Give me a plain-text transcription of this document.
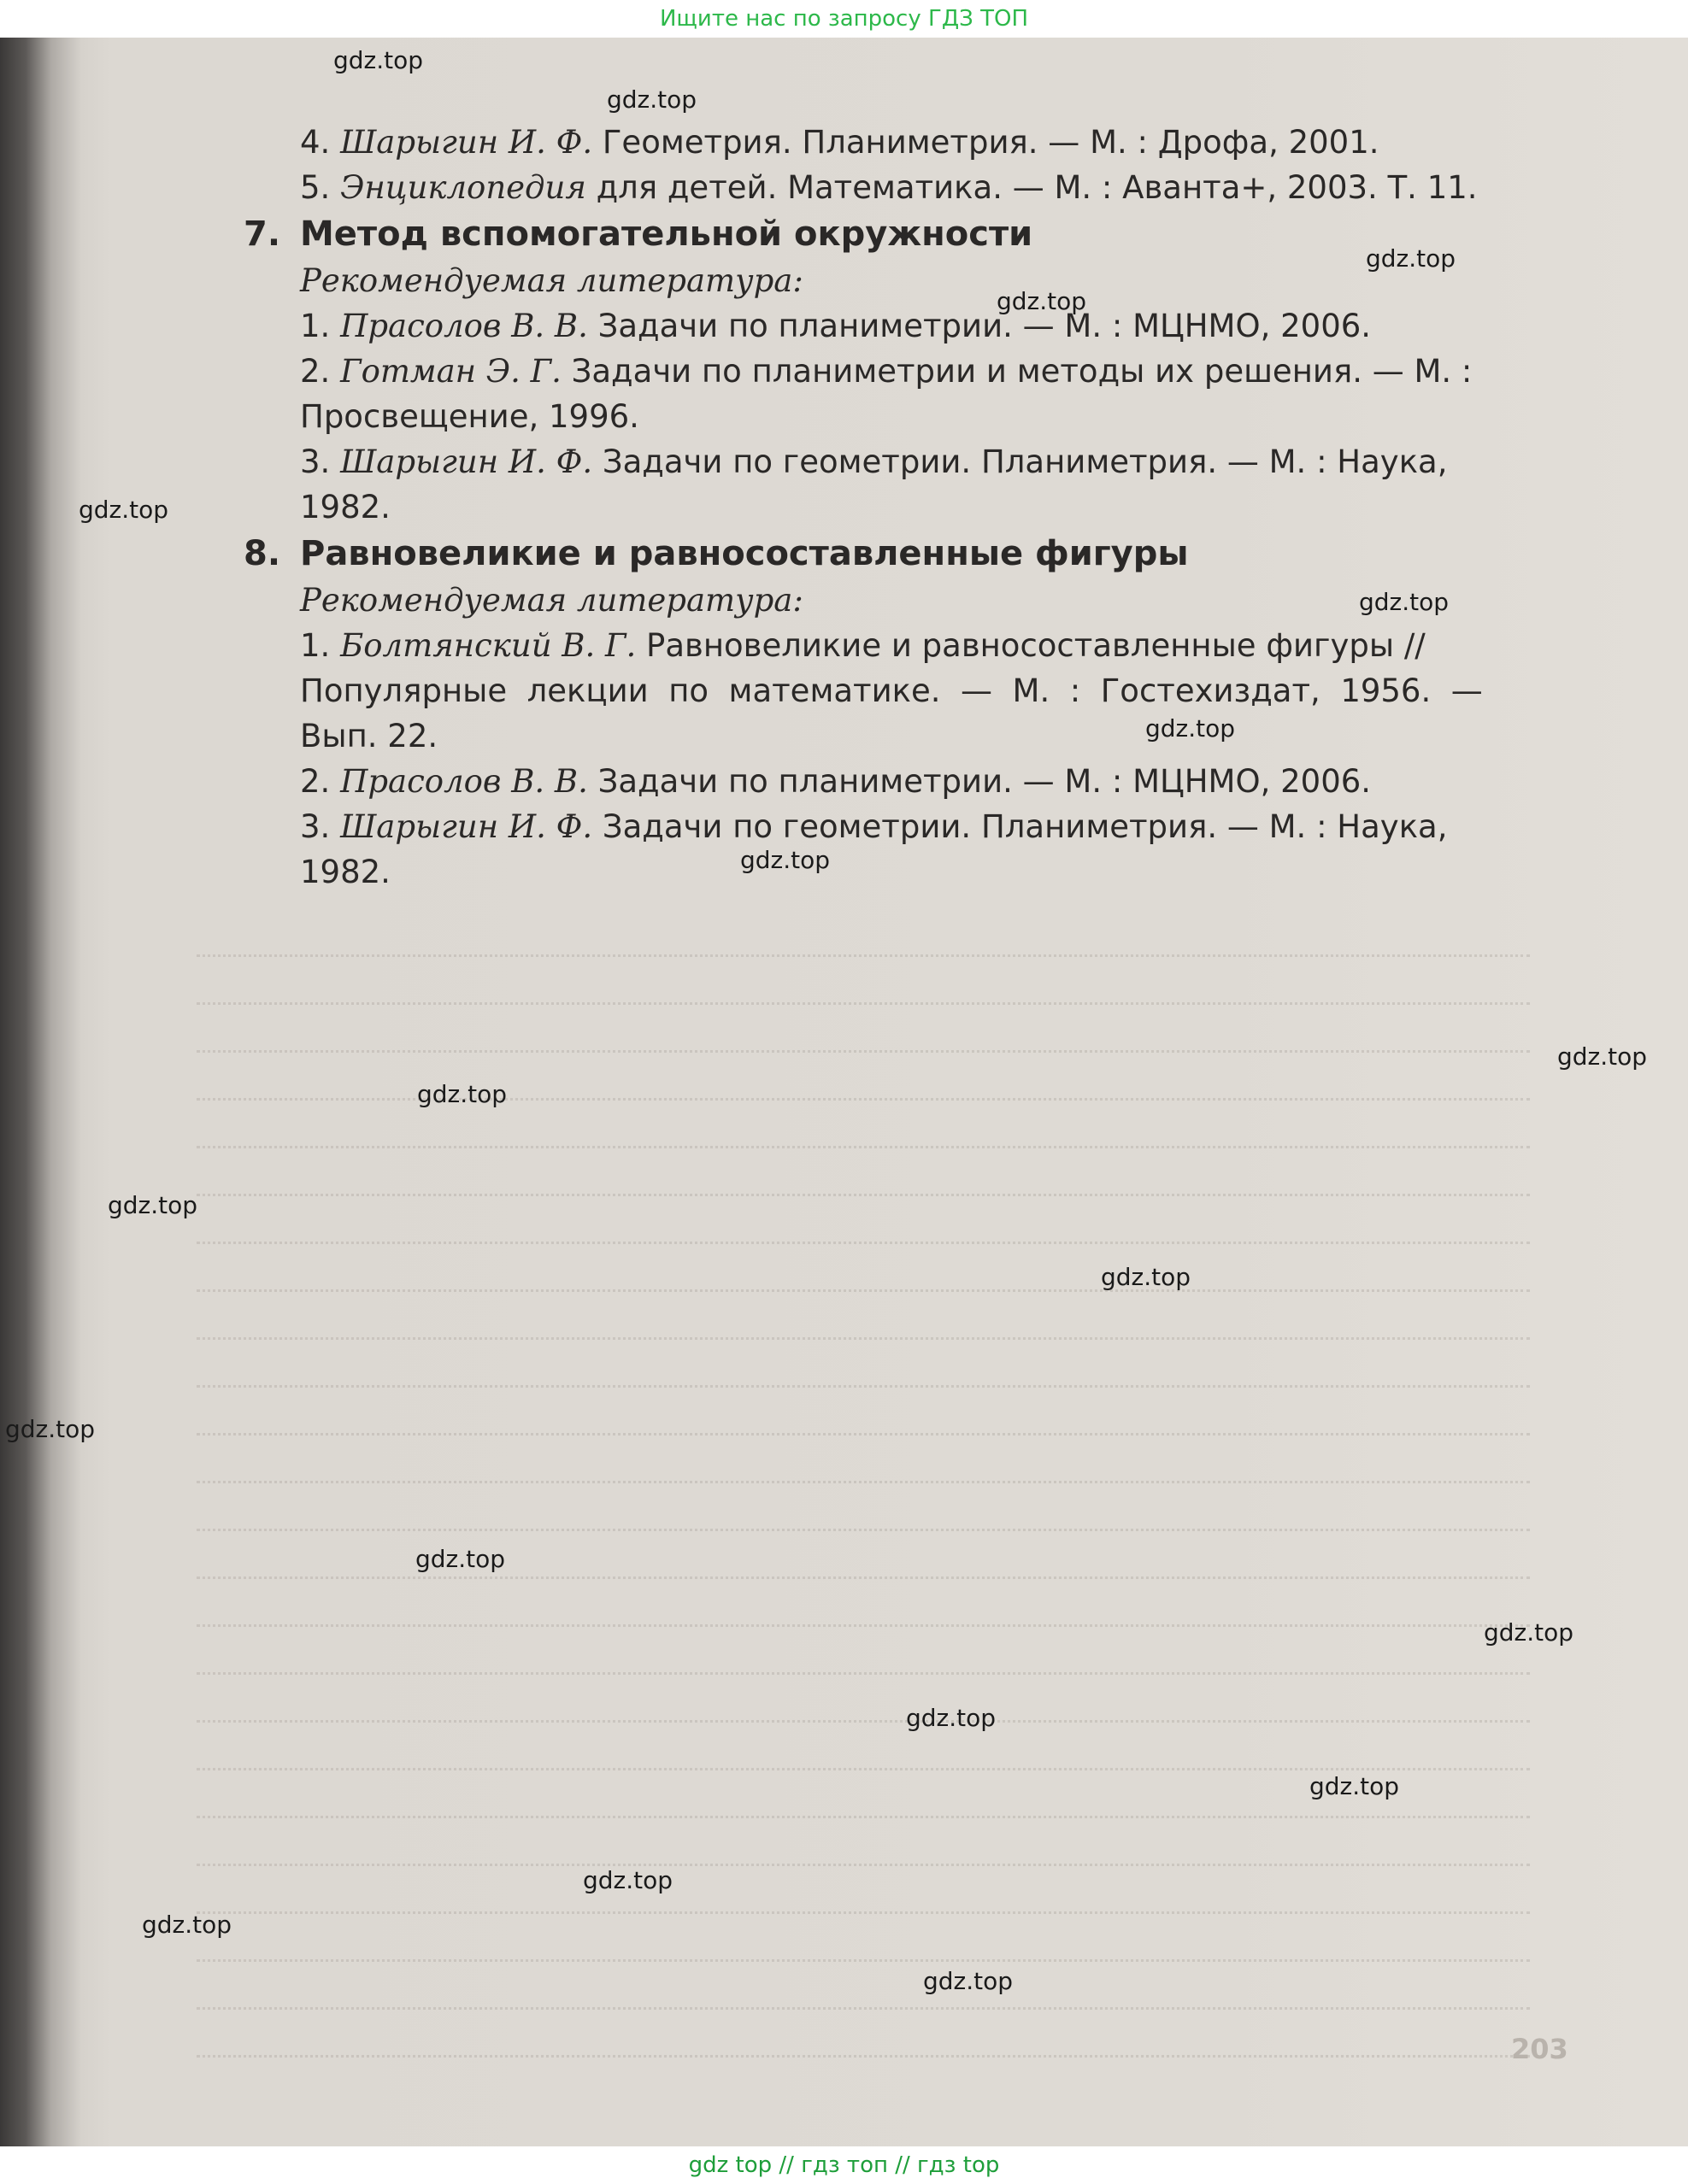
Ищите нас по запросу ГДЗ ТОП
4. Шарыгин И. Ф. Геометрия. Планиметрия. — М. : Дрофа, 2001.
5. Энциклопедия для детей. Математика. — М. : Аванта+, 2003. Т. 11.
7. Метод вспомогательной окружности
Рекомендуемая литература:
1. Прасолов В. В. Задачи по планиметрии. — М. : МЦНМО, 2006.
2. Готман Э. Г. Задачи по планиметрии и методы их решения. — М. :
Просвещение, 1996.
3. Шарыгин И. Ф. Задачи по геометрии. Планиметрия. — М. : Наука,
1982.
8. Равновеликие и равносоставленные фигуры
Рекомендуемая литература:
1. Болтянский В. Г. Равновеликие и равносоставленные фигуры //
Популярные  лекции  по  математике.  —  М.  :  Гостехиздат,  1956.  —
Вып. 22.
2. Прасолов В. В. Задачи по планиметрии. — М. : МЦНМО, 2006.
3. Шарыгин И. Ф. Задачи по геометрии. Планиметрия. — М. : Наука,
1982.
203
gdz.top
gdz.top
gdz.top
gdz.top
gdz.top
gdz.top
gdz.top
gdz.top
gdz.top
gdz.top
gdz.top
gdz.top
gdz.top
gdz.top
gdz.top
gdz.top
gdz.top
gdz.top
gdz.top
gdz.top
gdz top // гдз топ // гдз top
